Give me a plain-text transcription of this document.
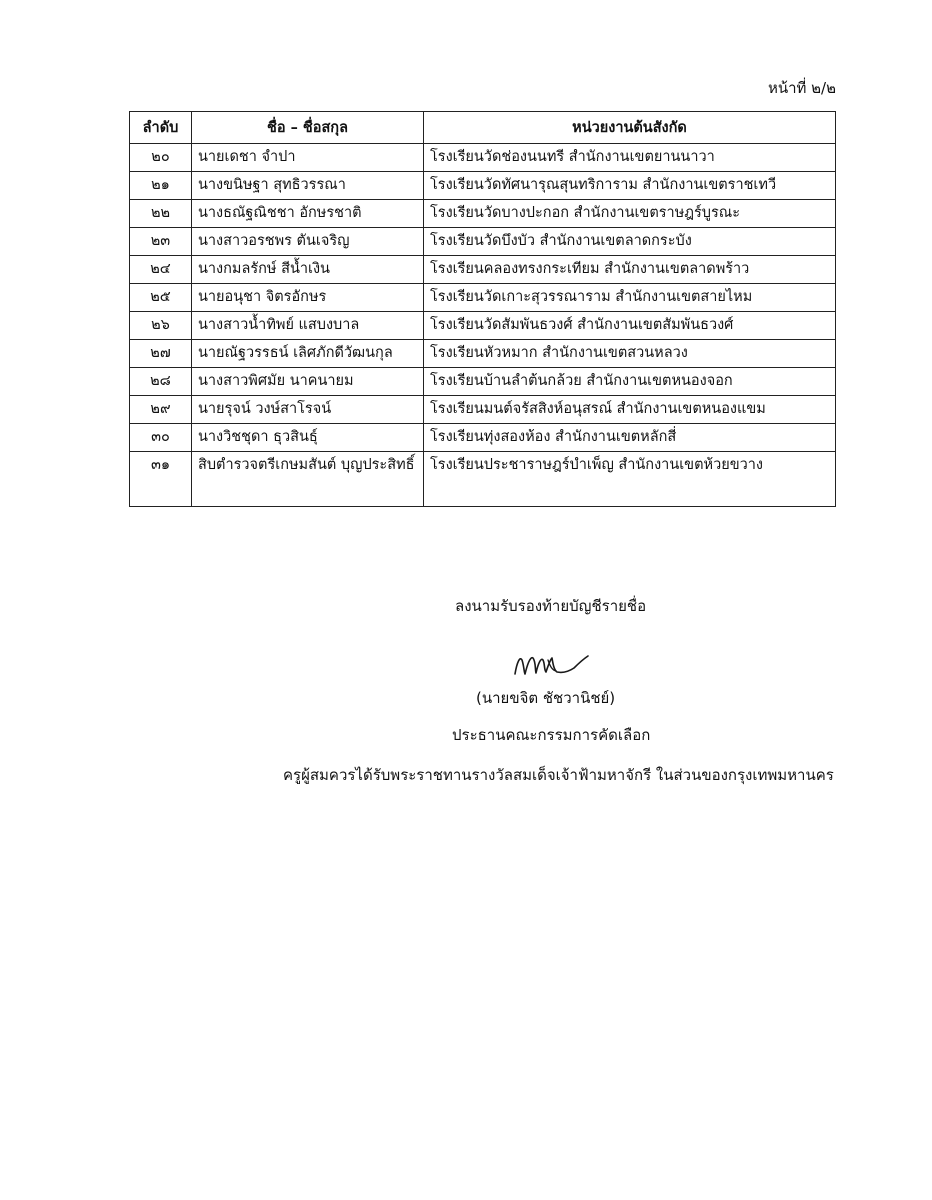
หน้าที่ ๒/๒
ลำดับ	ชื่อ – ชื่อสกุล	หน่วยงานต้นสังกัด
๒๐	นายเดชา จำปา	โรงเรียนวัดช่องนนทรี สำนักงานเขตยานนาวา
๒๑	นางขนิษฐา สุทธิวรรณา	โรงเรียนวัดทัศนารุณสุนทริการาม สำนักงานเขตราชเทวี
๒๒	นางธณัฐณิชชา อักษรชาติ	โรงเรียนวัดบางปะกอก สำนักงานเขตราษฎร์บูรณะ
๒๓	นางสาวอรชพร ตันเจริญ	โรงเรียนวัดบึงบัว สำนักงานเขตลาดกระบัง
๒๔	นางกมลรักษ์ สีน้ำเงิน	โรงเรียนคลองทรงกระเทียม สำนักงานเขตลาดพร้าว
๒๕	นายอนุชา จิตรอักษร	โรงเรียนวัดเกาะสุวรรณาราม สำนักงานเขตสายไหม
๒๖	นางสาวน้ำทิพย์ แสบงบาล	โรงเรียนวัดสัมพันธวงศ์ สำนักงานเขตสัมพันธวงศ์
๒๗	นายณัฐวรรธน์ เลิศภักดีวัฒนกุล	โรงเรียนหัวหมาก สำนักงานเขตสวนหลวง
๒๘	นางสาวพิศมัย นาคนายม	โรงเรียนบ้านลำต้นกล้วย สำนักงานเขตหนองจอก
๒๙	นายรุจน์ วงษ์สาโรจน์	โรงเรียนมนต์จรัสสิงห์อนุสรณ์ สำนักงานเขตหนองแขม
๓๐	นางวิชชุดา ธุวสินธุ์	โรงเรียนทุ่งสองห้อง สำนักงานเขตหลักสี่
๓๑	สิบตำรวจตรีเกษมสันต์ บุญประสิทธิ์	โรงเรียนประชาราษฎร์บำเพ็ญ สำนักงานเขตห้วยขวาง
ลงนามรับรองท้ายบัญชีรายชื่อ
(นายขจิต ชัชวานิชย์)
ประธานคณะกรรมการคัดเลือก
ครูผู้สมควรได้รับพระราชทานรางวัลสมเด็จเจ้าฟ้ามหาจักรี ในส่วนของกรุงเทพมหานคร
